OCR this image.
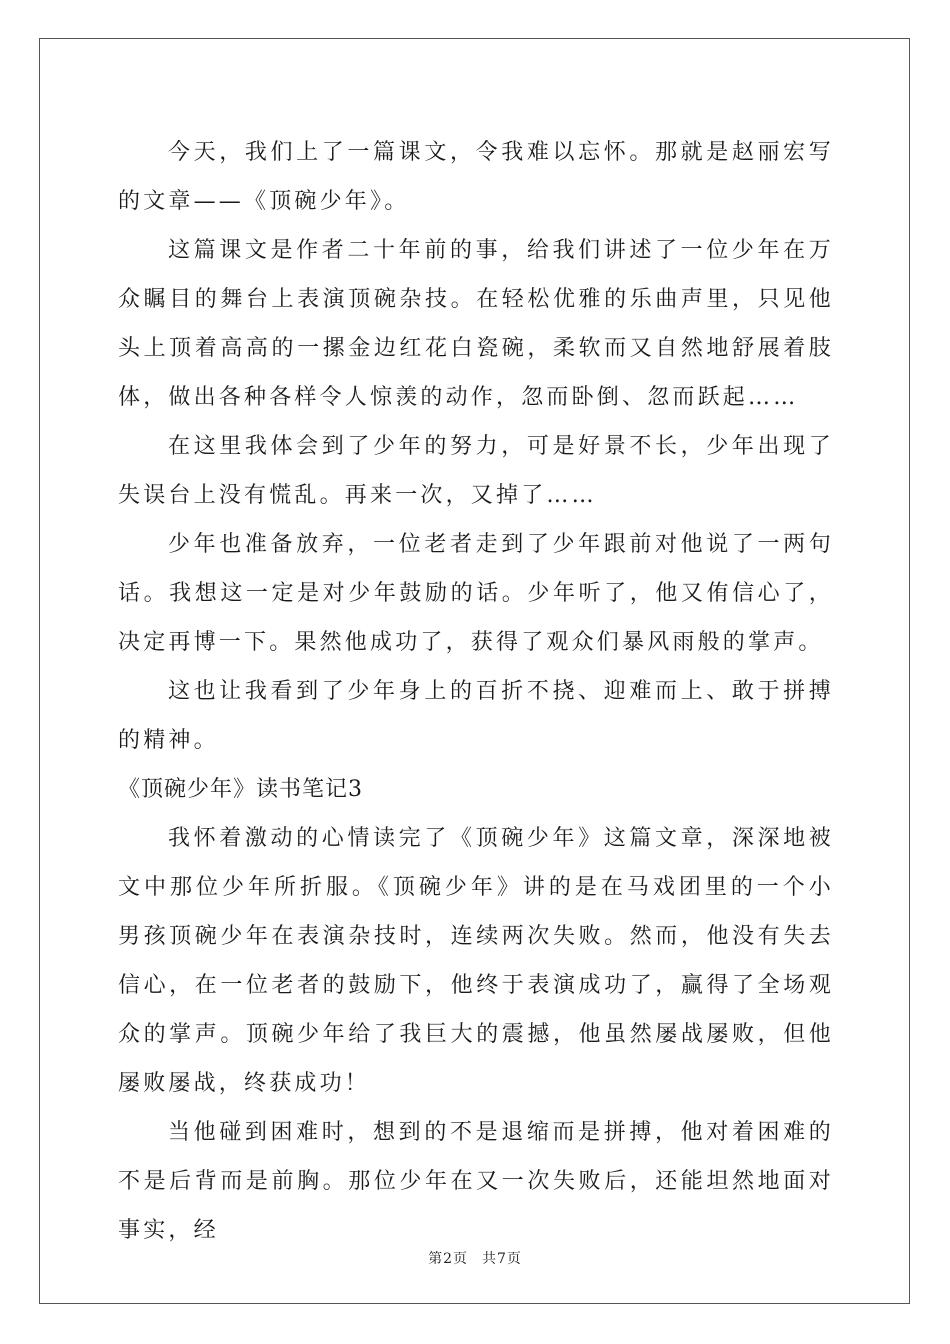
今天，我们上了一篇课文，令我难以忘怀。那就是赵丽宏写的文章——《顶碗少年》。

这篇课文是作者二十年前的事，给我们讲述了一位少年在万众瞩目的舞台上表演顶碗杂技。在轻松优雅的乐曲声里，只见他头上顶着高高的一摞金边红花白瓷碗，柔软而又自然地舒展着肢体，做出各种各样令人惊羡的动作，忽而卧倒、忽而跃起……

在这里我体会到了少年的努力，可是好景不长，少年出现了失误台上没有慌乱。再来一次，又掉了……

少年也准备放弃，一位老者走到了少年跟前对他说了一两句话。我想这一定是对少年鼓励的话。少年听了，他又侑信心了，决定再博一下。果然他成功了，获得了观众们暴风雨般的掌声。

这也让我看到了少年身上的百折不挠、迎难而上、敢于拼搏的精神。

《顶碗少年》读书笔记3

我怀着激动的心情读完了《顶碗少年》这篇文章，深深地被文中那位少年所折服。《顶碗少年》讲的是在马戏团里的一个小男孩顶碗少年在表演杂技时，连续两次失败。然而，他没有失去信心，在一位老者的鼓励下，他终于表演成功了，赢得了全场观众的掌声。顶碗少年给了我巨大的震撼，他虽然屡战屡败，但他屡败屡战，终获成功！

当他碰到困难时，想到的不是退缩而是拼搏，他对着困难的不是后背而是前胸。那位少年在又一次失败后，还能坦然地面对事实，经

第2页 共7页
